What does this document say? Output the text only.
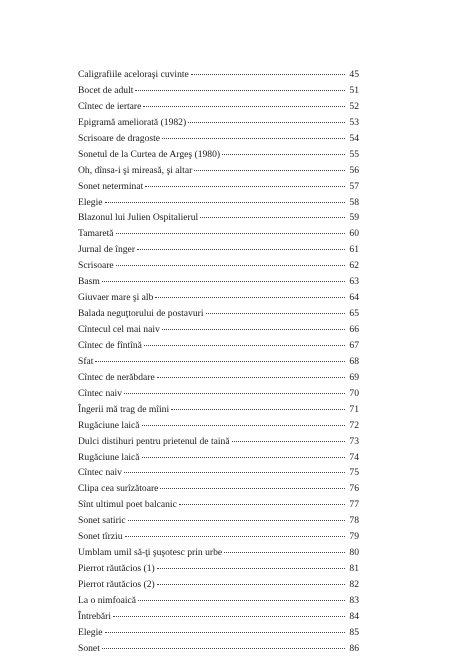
Caligrafiile aceloraşi cuvinte	45
Bocet de adult	51
Cîntec de iertare	52
Epigramă ameliorată (1982)	53
Scrisoare de dragoste	54
Sonetul de la Curtea de Argeş (1980)	55
Oh, dînsa-i şi mireasă, şi altar	56
Sonet neterminat	57
Elegie	58
Blazonul lui Julien Ospitalierul	59
Tamaretă	60
Jurnal de înger	61
Scrisoare	62
Basm	63
Giuvaer mare şi alb	64
Balada neguţtorului de postavuri	65
Cîntecul cel mai naiv	66
Cîntec de fîntînă	67
Sfat	68
Cîntec de nerăbdare	69
Cîntec naiv	70
Îngerii mă trag de mîini	71
Rugăciune laică	72
Dulci distihuri pentru prietenul de taină	73
Rugăciune laică	74
Cîntec naiv	75
Clipa cea surîzătoare	76
Sînt ultimul poet balcanic	77
Sonet satiric	78
Sonet tîrziu	79
Umblam umil să-ţi şuşotesc prin urbe	80
Pierrot răutăcios (1)	81
Pierrot răutăcios (2)	82
La o nimfoaică	83
Întrebări	84
Elegie	85
Sonet	86
